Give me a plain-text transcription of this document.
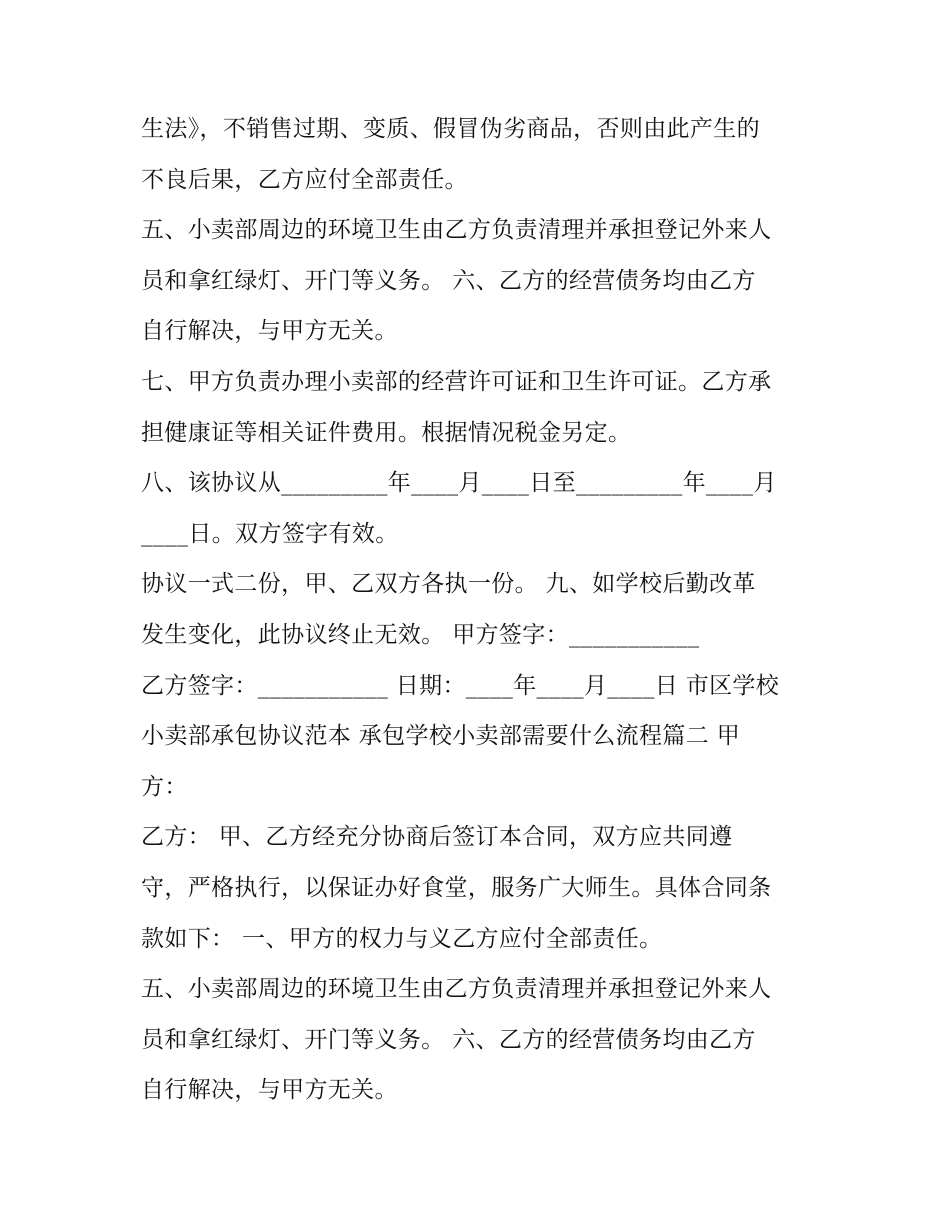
生法》，不销售过期、变质、假冒伪劣商品，否则由此产生的
不良后果，乙方应付全部责任。
五、小卖部周边的环境卫生由乙方负责清理并承担登记外来人
员和拿红绿灯、开门等义务。 六、乙方的经营债务均由乙方
自行解决，与甲方无关。
七、甲方负责办理小卖部的经营许可证和卫生许可证。乙方承
担健康证等相关证件费用。根据情况税金另定。
八、该协议从_________年____月____日至_________年____月
____日。双方签字有效。
协议一式二份，甲、乙双方各执一份。 九、如学校后勤改革
发生变化，此协议终止无效。 甲方签字：___________
乙方签字：___________ 日期：____年____月____日 市区学校
小卖部承包协议范本 承包学校小卖部需要什么流程篇二 甲
方：
乙方： 甲、乙方经充分协商后签订本合同，双方应共同遵
守，严格执行，以保证办好食堂，服务广大师生。具体合同条
款如下： 一、甲方的权力与义乙方应付全部责任。
五、小卖部周边的环境卫生由乙方负责清理并承担登记外来人
员和拿红绿灯、开门等义务。 六、乙方的经营债务均由乙方
自行解决，与甲方无关。
